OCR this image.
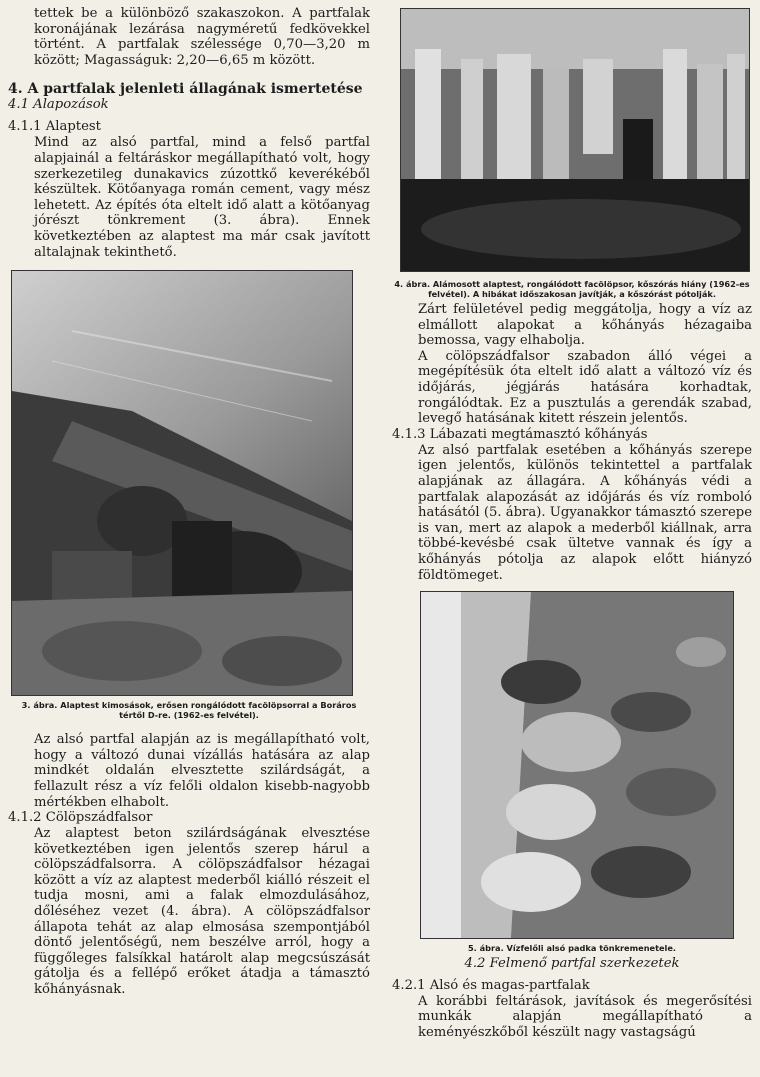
tettek be a különböző szakaszokon. A partfalak koronájának lezárása nagyméretű fedkövekkel történt. A partfalak szélessége 0,70—3,20 m között; Magasságuk: 2,20—6,65 m között.

4. A partfalak jelenleti állagának ismertetése

4.1 Alapozások

4.1.1 Alaptest

Mind az alsó partfal, mind a felső partfal alapjainál a feltáráskor megállapítható volt, hogy szerkezetileg dunakavics zúzottkő keverékéből készültek. Kötőanyaga román cement, vagy mész lehetett. Az építés óta eltelt idő alatt a kötőanyag jórészt tönkrement (3. ábra). Ennek következtében az alaptest ma már csak javított altalajnak tekinthető.

3. ábra. Alaptest kimosások, erősen rongálódott facölöpsorral a Boráros tértől D-re. (1962-es felvétel).

Az alsó partfal alapján az is megállapítható volt, hogy a változó dunai vízállás hatására az alap mindkét oldalán elvesztette szilárdságát, a fellazult rész a víz felőli oldalon kisebb-nagyobb mértékben elhabolt.

4.1.2 Cölöpszádfalsor

Az alaptest beton szilárdságának elvesztése következtében igen jelentős szerep hárul a cölöpszádfalsorra. A cölöpszádfalsor hézagai között a víz az alaptest mederből kiálló részeit el tudja mosni, ami a falak elmozdulásához, dőléséhez vezet (4. ábra). A cölöpszádfalsor állapota tehát az alap elmosása szempontjából döntő jelentőségű, nem beszélve arról, hogy a függőleges falsíkkal határolt alap megcsúszását gátolja és a fellépő erőket átadja a támasztó kőhányásnak.

4. ábra. Alámosott alaptest, rongálódott facölöpsor, kőszórás hiány (1962-es felvétel). A hibákat időszakosan javítják, a kőszórást pótolják.

Zárt felületével pedig meggátolja, hogy a víz az elmállott alapokat a kőhányás hézagaiba bemossa, vagy elhabolja.

A cölöpszádfalsor szabadon álló végei a megépítésük óta eltelt idő alatt a változó víz és időjárás, jégjárás hatására korhadtak, rongálódtak. Ez a pusztulás a gerendák szabad, levegő hatásának kitett részein jelentős.

4.1.3 Lábazati megtámasztó kőhányás

Az alsó partfalak esetében a kőhányás szerepe igen jelentős, különös tekintettel a partfalak alapjának az állagára. A kőhányás védi a partfalak alapozását az időjárás és víz romboló hatásától (5. ábra). Ugyanakkor támasztó szerepe is van, mert az alapok a mederből kiállnak, arra többé-kevésbé csak ültetve vannak és így a kőhányás pótolja az alapok előtt hiányzó földtömeget.

5. ábra. Vízfelőli alsó padka tönkremenetele.

4.2 Felmenő partfal szerkezetek

4.2.1 Alsó és magas-partfalak

A korábbi feltárások, javítások és megerősítési munkák alapján megállapítható a keményészkőből készült nagy vastagságú
